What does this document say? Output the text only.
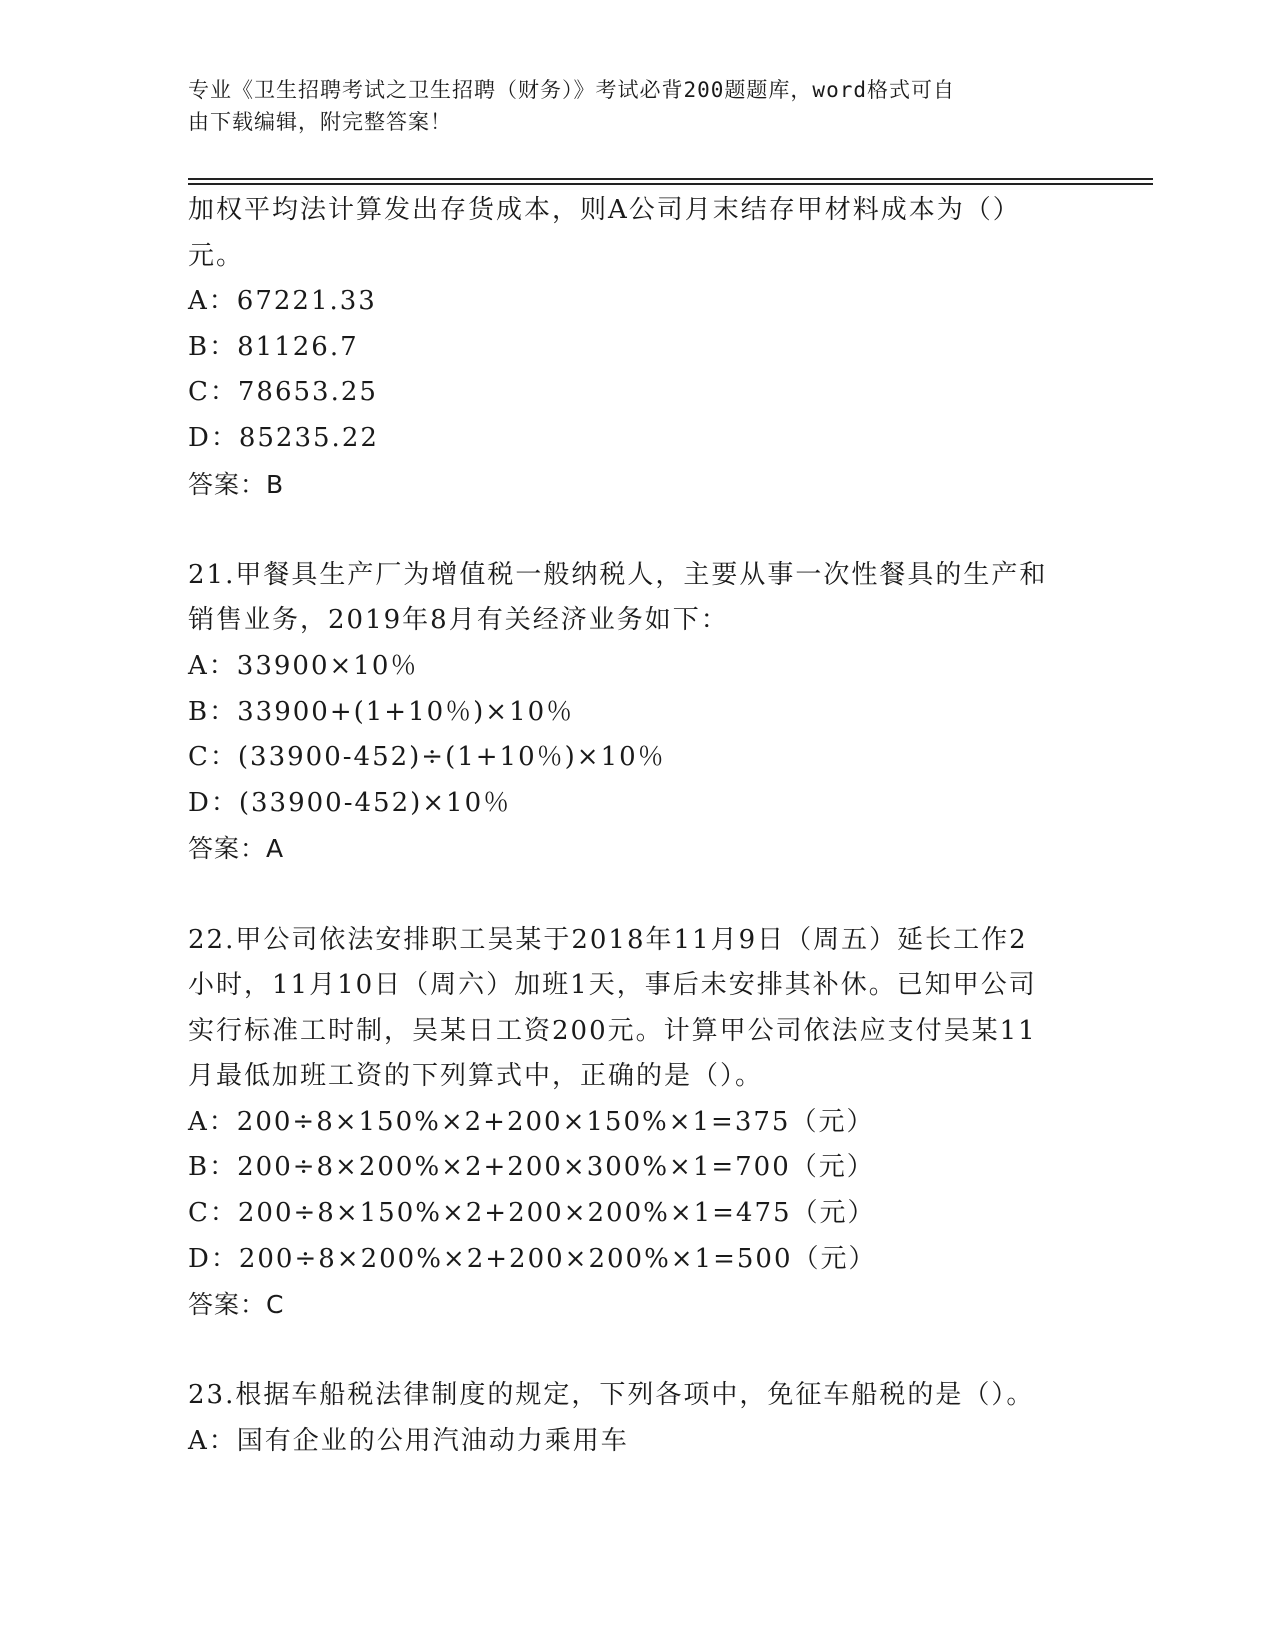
专业《卫生招聘考试之卫生招聘（财务）》考试必背200题题库，word格式可自
由下载编辑，附完整答案！
加权平均法计算发出存货成本，则A公司月末结存甲材料成本为（）
元。
A：67221.33
B：81126.7
C：78653.25
D：85235.22
答案：B
21.甲餐具生产厂为增值税一般纳税人，主要从事一次性餐具的生产和
销售业务，2019年8月有关经济业务如下：
A：33900×10％
B：33900+(1+10％)×10％
C：(33900-452)÷(1+10％)×10％
D：(33900-452)×10％
答案：A
22.甲公司依法安排职工吴某于2018年11月9日（周五）延长工作2
小时，11月10日（周六）加班1天，事后未安排其补休。已知甲公司
实行标准工时制，吴某日工资200元。计算甲公司依法应支付吴某11
月最低加班工资的下列算式中，正确的是（）。
A：200÷8×150%×2+200×150%×1=375（元）
B：200÷8×200%×2+200×300%×1=700（元）
C：200÷8×150%×2+200×200%×1=475（元）
D：200÷8×200%×2+200×200%×1=500（元）
答案：C
23.根据车船税法律制度的规定，下列各项中，免征车船税的是（）。
A：国有企业的公用汽油动力乘用车
